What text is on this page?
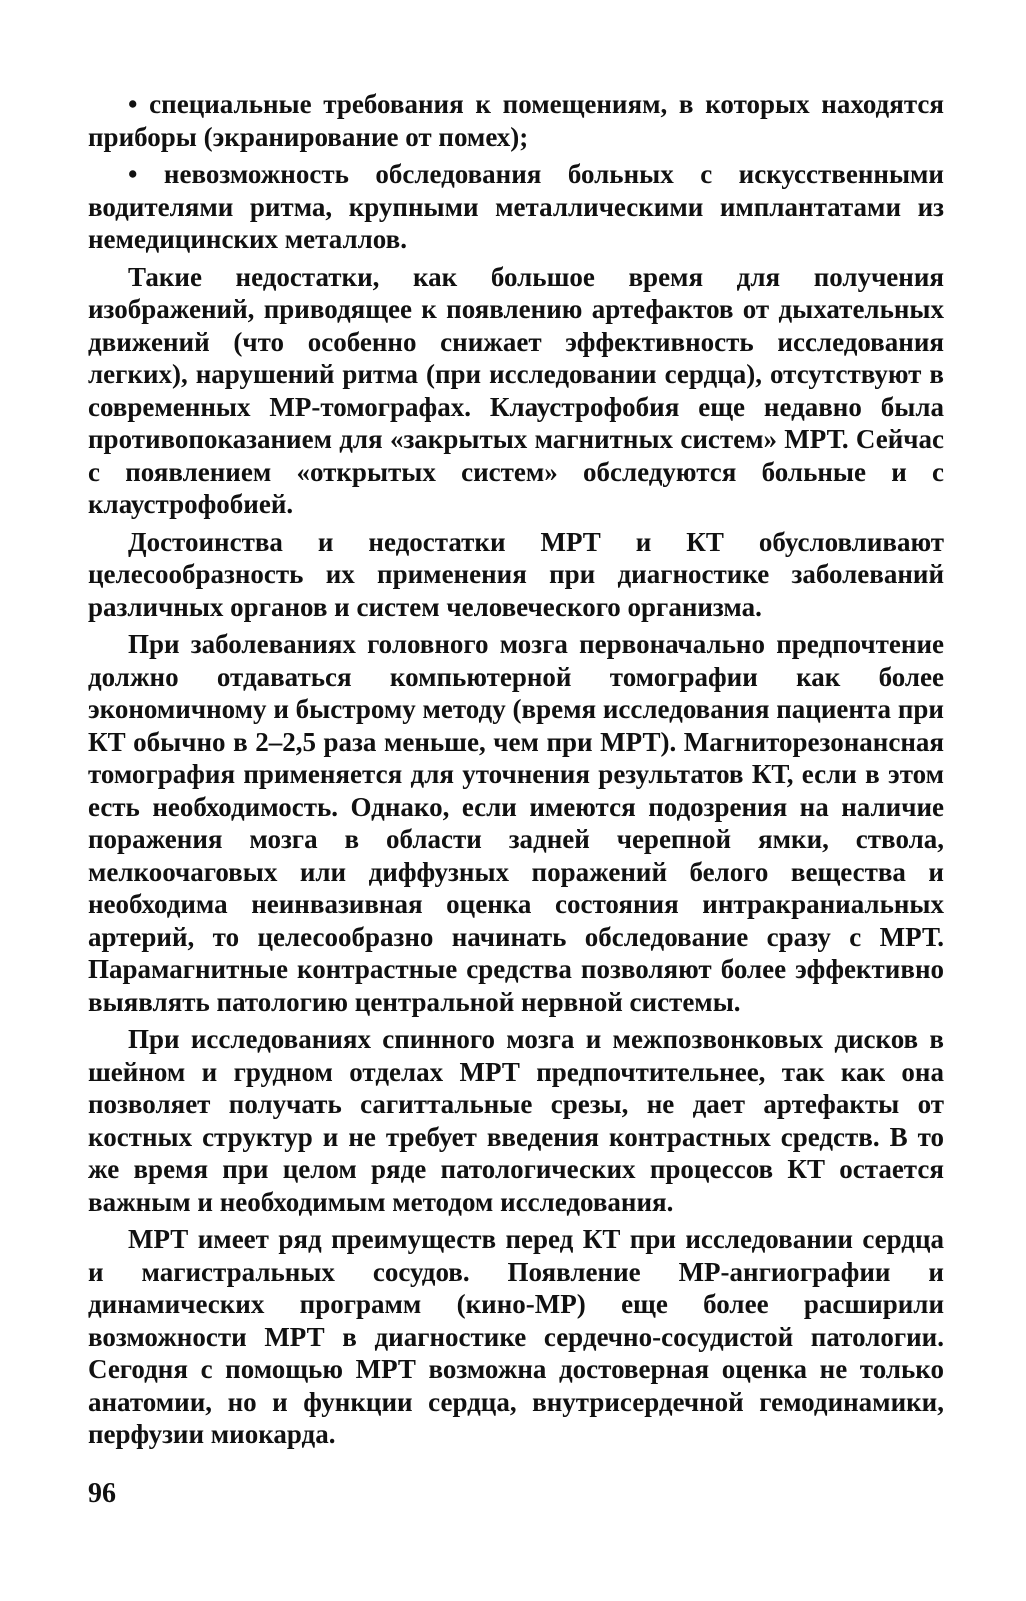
• специальные требования к помещениям, в которых находятся приборы (экранирование от помех);

• невозможность обследования больных с искусственными водителями ритма, крупными металлическими имплантатами из немедицинских металлов.

Такие недостатки, как большое время для получения изображений, приводящее к появлению артефактов от дыхательных движений (что особенно снижает эффективность исследования легких), нарушений ритма (при исследовании сердца), отсутствуют в современных МР-томографах. Клаустрофобия еще недавно была противопоказанием для «закрытых магнитных систем» МРТ. Сейчас с появлением «открытых систем» обследуются больные и с клаустрофобией.

Достоинства и недостатки МРТ и КТ обусловливают целесообразность их применения при диагностике заболеваний различных органов и систем человеческого организма.

При заболеваниях головного мозга первоначально предпочтение должно отдаваться компьютерной томографии как более экономичному и быстрому методу (время исследования пациента при КТ обычно в 2–2,5 раза меньше, чем при МРТ). Магниторезонансная томография применяется для уточнения результатов КТ, если в этом есть необходимость. Однако, если имеются подозрения на наличие поражения мозга в области задней черепной ямки, ствола, мелкоочаговых или диффузных поражений белого вещества и необходима неинвазивная оценка состояния интракраниальных артерий, то целесообразно начинать обследование сразу с МРТ. Парамагнитные контрастные средства позволяют более эффективно выявлять патологию центральной нервной системы.

При исследованиях спинного мозга и межпозвонковых дисков в шейном и грудном отделах МРТ предпочтительнее, так как она позволяет получать сагиттальные срезы, не дает артефакты от костных структур и не требует введения контрастных средств. В то же время при целом ряде патологических процессов КТ остается важным и необходимым методом исследования.

МРТ имеет ряд преимуществ перед КТ при исследовании сердца и магистральных сосудов. Появление МР-ангиографии и динамических программ (кино-МР) еще более расширили возможности МРТ в диагностике сердечно-сосудистой патологии. Сегодня с помощью МРТ возможна достоверная оценка не только анатомии, но и функции сердца, внутрисердечной гемодинамики, перфузии миокарда.

96
